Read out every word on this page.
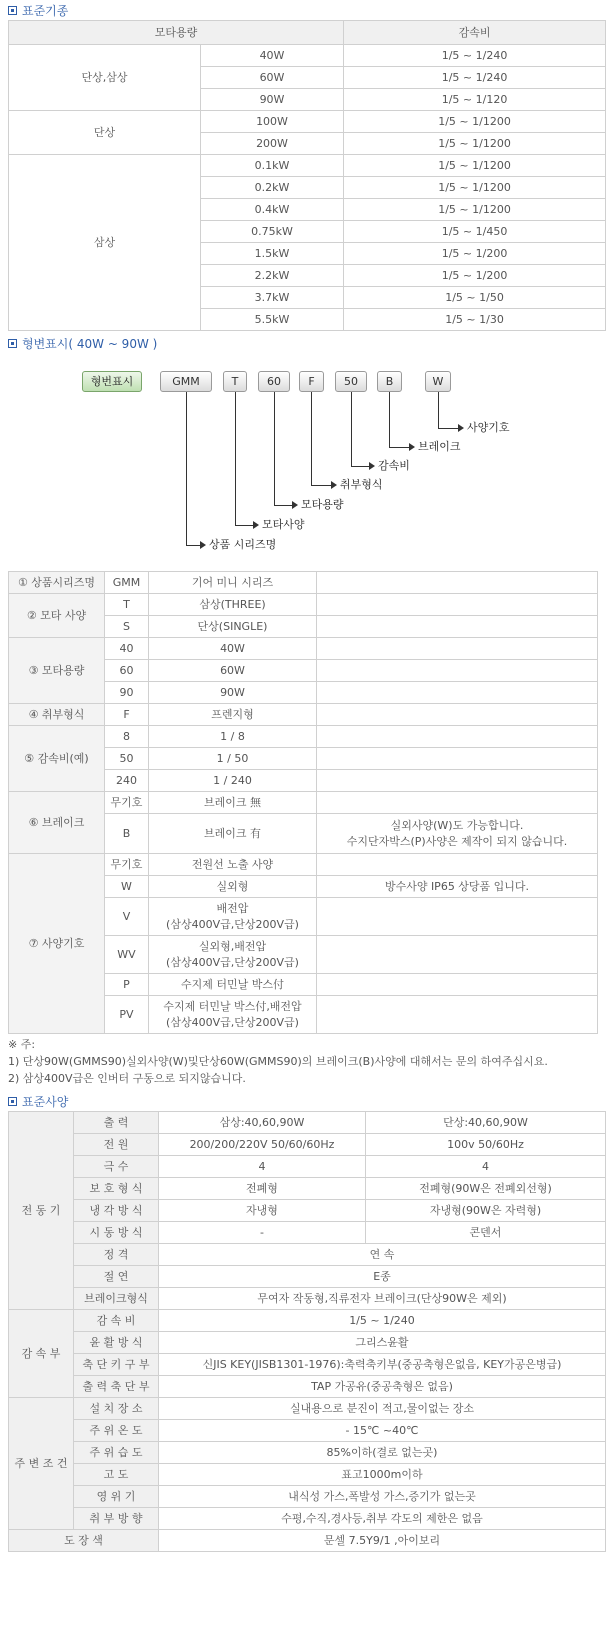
표준기종
모타용량		감속비
단상,삼상	40W	1/5 ~ 1/240
	60W	1/5 ~ 1/240
	90W	1/5 ~ 1/120
단상	100W	1/5 ~ 1/1200
	200W	1/5 ~ 1/1200
삼상	0.1kW	1/5 ~ 1/1200
	0.2kW	1/5 ~ 1/1200
	0.4kW	1/5 ~ 1/1200
	0.75kW	1/5 ~ 1/450
	1.5kW	1/5 ~ 1/200
	2.2kW	1/5 ~ 1/200
	3.7kW	1/5 ~ 1/50
	5.5kW	1/5 ~ 1/30
형변표시( 40W ~ 90W )
형번표시	GMM	T	60	F	50	B	W
사양기호
브레이크
감속비
취부형식
모타용량
모타사양
상품 시리즈명
① 상품시리즈명	GMM	기어 미니 시리즈	
② 모타 사양	T	삼상(THREE)	
	S	단상(SINGLE)	
③ 모타용량	40	40W	
	60	60W	
	90	90W	
④ 취부형식	F	프렌지형	
⑤ 감속비(예)	8	1 / 8	
	50	1 / 50	
	240	1 / 240	
⑥ 브레이크	무기호	브레이크 無	
	B	브레이크 有	실외사양(W)도 가능합니다.
수지단자박스(P)사양은 제작이 되지 않습니다.
⑦ 사양기호	무기호	전원선 노출 사양	
	W	실외형	방수사양 IP65 상당품 입니다.
	V	배전압
(삼상400V급,단상200V급)	
	WV	실외형,배전압
(삼상400V급,단상200V급)	
	P	수지제 터민날 박스付	
	PV	수지제 터민날 박스付,배전압
(삼상400V급,단상200V급)	
※ 주:
1) 단상90W(GMMS90)실외사양(W)및단상60W(GMMS90)의 브레이크(B)사양에 대해서는 문의 하여주십시요.
2) 삼상400V급은 인버터 구동으로 되지않습니다.
표준사양
전 동 기	출 력	삼상:40,60,90W	단상:40,60,90W
	전 원	200/200/220V 50/60/60Hz	100v 50/60Hz
	극 수	4	4
	보 호 형 식	전폐형	전폐형(90W은 전폐외선형)
	냉 각 방 식	자냉형	자냉형(90W은 자력형)
	시 동 방 식	-	콘덴서
	정 격	연 속	
	절 연	E종	
	브레이크형식	무여자 작동형,직류전자 브레이크(단상90W은 제외)	
감 속 부	감 속 비	1/5 ~ 1/240	
	윤 활 방 식	그리스윤활	
	축 단 키 구 부	신JIS KEY(JISB1301-1976):축력축키부(중공축형은없음, KEY가공은병급)	
	출 력 축 단 부	TAP 가공유(중공축형은 없음)	
주 변 조 건	설 치 장 소	실내용으로 분진이 적고,물이없는 장소	
	주 위 온 도	- 15℃ ~40℃	
	주 위 습 도	85%이하(결로 없는곳)	
	고 도	표고1000m이하	
	영 위 기	내식성 가스,폭발성 가스,증기가 없는곳	
	취 부 방 향	수평,수직,경사등,취부 각도의 제한은 없음	
도 장 색		문셀 7.5Y9/1 ,아이보리	
